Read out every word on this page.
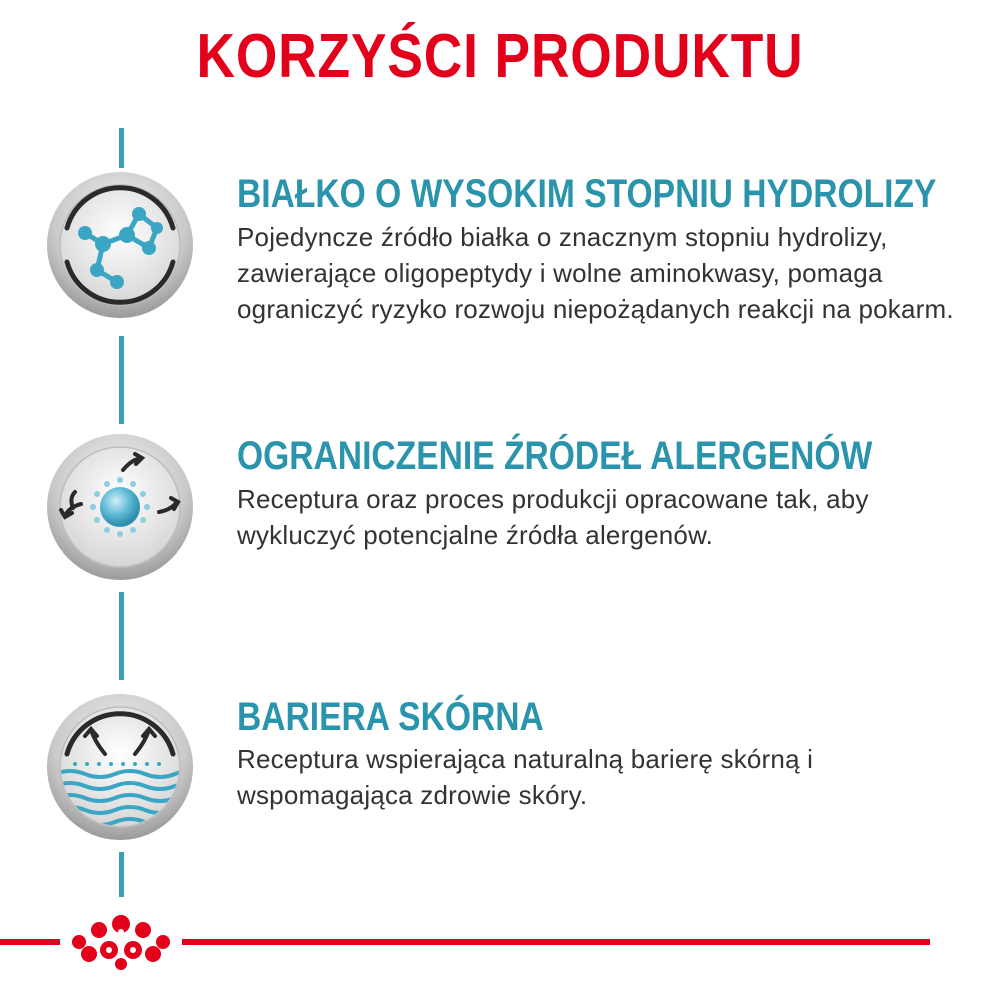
KORZYŚCI PRODUKTU
BIAŁKO O WYSOKIM STOPNIU HYDROLIZY
Pojedyncze źródło białka o znacznym stopniu hydrolizy, zawierające oligopeptydy i wolne aminokwasy, pomaga ograniczyć ryzyko rozwoju niepożądanych reakcji na pokarm.
OGRANICZENIE ŹRÓDEŁ ALERGENÓW
Receptura oraz proces produkcji opracowane tak, aby wykluczyć potencjalne źródła alergenów.
BARIERA SKÓRNA
Receptura wspierająca naturalną barierę skórną i wspomagająca zdrowie skóry.
